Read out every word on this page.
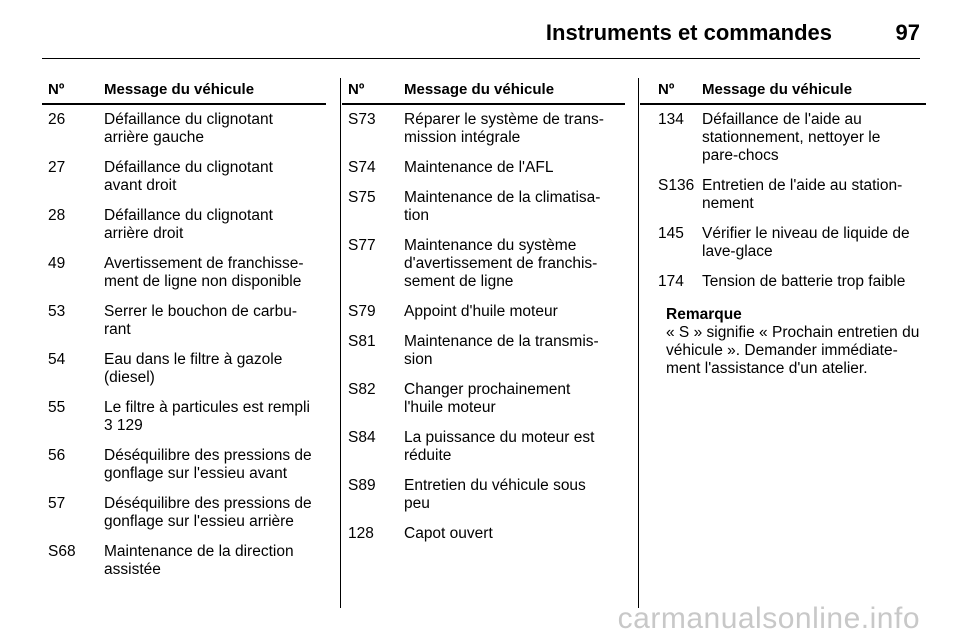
Instruments et commandes	97
Nº	Message du véhicule
26	Défaillance du clignotant
arrière gauche
27	Défaillance du clignotant
avant droit
28	Défaillance du clignotant
arrière droit
49	Avertissement de franchisse-
ment de ligne non disponible
53	Serrer le bouchon de carbu-
rant
54	Eau dans le filtre à gazole
(diesel)
55	Le filtre à particules est rempli
3 129
56	Déséquilibre des pressions de
gonflage sur l'essieu avant
57	Déséquilibre des pressions de
gonflage sur l'essieu arrière
S68	Maintenance de la direction
assistée
Nº	Message du véhicule
S73	Réparer le système de trans-
mission intégrale
S74	Maintenance de l'AFL
S75	Maintenance de la climatisa-
tion
S77	Maintenance du système
d'avertissement de franchis-
sement de ligne
S79	Appoint d'huile moteur
S81	Maintenance de la transmis-
sion
S82	Changer prochainement
l'huile moteur
S84	La puissance du moteur est
réduite
S89	Entretien du véhicule sous
peu
128	Capot ouvert
Nº	Message du véhicule
134	Défaillance de l'aide au
stationnement, nettoyer le
pare-chocs
S136 Entretien de l'aide au station-
nement
145	Vérifier le niveau de liquide de
lave-glace
174	Tension de batterie trop faible
Remarque
« S » signifie « Prochain entretien du
véhicule ». Demander immédiate-
ment l'assistance d'un atelier.
carmanualsonline.info
